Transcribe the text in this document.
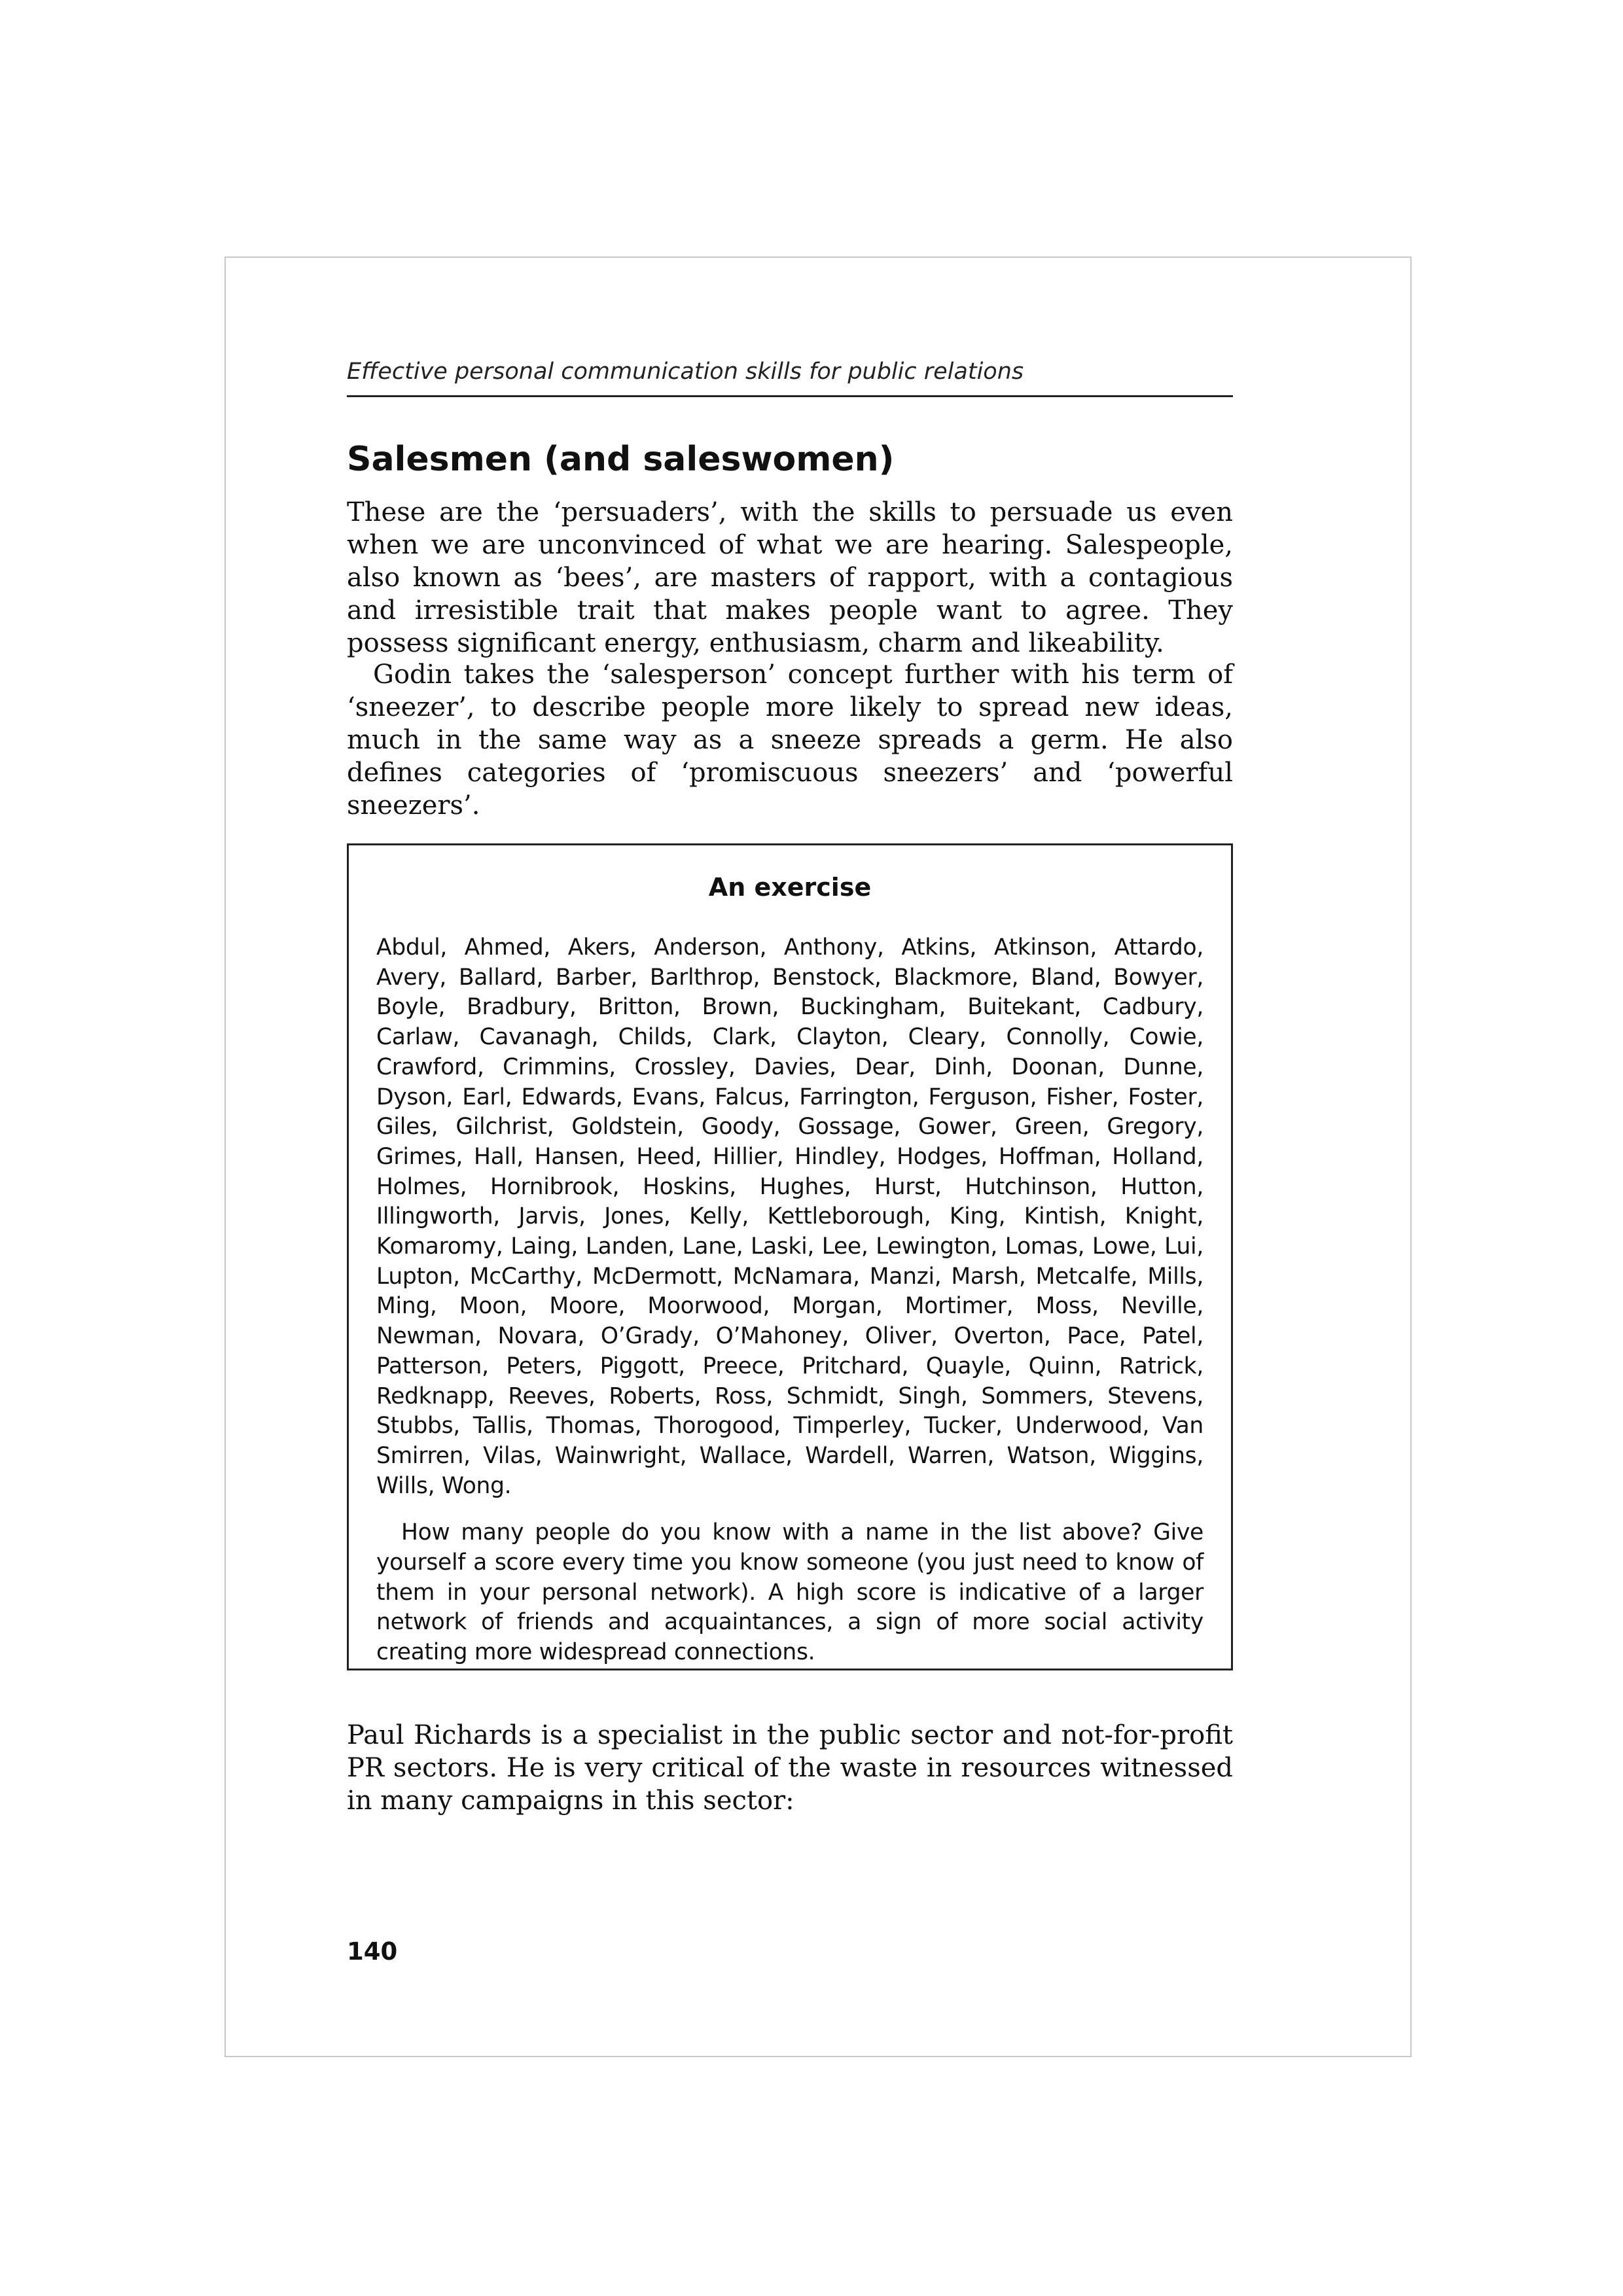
Effective personal communication skills for public relations
Salesmen (and saleswomen)

These are the ‘persuaders’, with the skills to persuade us even when we are unconvinced of what we are hearing. Salespeople, also known as ‘bees’, are masters of rapport, with a contagious and irresistible trait that makes people want to agree. They possess significant energy, enthusiasm, charm and likeability.

Godin takes the ‘salesperson’ concept further with his term of ‘sneezer’, to describe people more likely to spread new ideas, much in the same way as a sneeze spreads a germ. He also defines categories of ‘promiscuous sneezers’ and ‘powerful sneezers’.

An exercise

Abdul, Ahmed, Akers, Anderson, Anthony, Atkins, Atkinson, Attardo, Avery, Ballard, Barber, Barlthrop, Benstock, Blackmore, Bland, Bowyer, Boyle, Bradbury, Britton, Brown, Buckingham, Buitekant, Cadbury, Carlaw, Cavanagh, Childs, Clark, Clayton, Cleary, Connolly, Cowie, Crawford, Crimmins, Crossley, Davies, Dear, Dinh, Doonan, Dunne, Dyson, Earl, Edwards, Evans, Falcus, Farrington, Ferguson, Fisher, Foster, Giles, Gilchrist, Goldstein, Goody, Gossage, Gower, Green, Gregory, Grimes, Hall, Hansen, Heed, Hillier, Hindley, Hodges, Hoffman, Holland, Holmes, Hornibrook, Hoskins, Hughes, Hurst, Hutchinson, Hutton, Illingworth, Jarvis, Jones, Kelly, Kettleborough, King, Kintish, Knight, Komaromy, Laing, Landen, Lane, Laski, Lee, Lewington, Lomas, Lowe, Lui, Lupton, McCarthy, McDermott, McNamara, Manzi, Marsh, Metcalfe, Mills, Ming, Moon, Moore, Moorwood, Morgan, Mortimer, Moss, Neville, Newman, Novara, O’Grady, O’Mahoney, Oliver, Overton, Pace, Patel, Patterson, Peters, Piggott, Preece, Pritchard, Quayle, Quinn, Ratrick, Redknapp, Reeves, Roberts, Ross, Schmidt, Singh, Sommers, Stevens, Stubbs, Tallis, Thomas, Thorogood, Timperley, Tucker, Underwood, Van Smirren, Vilas, Wainwright, Wallace, Wardell, Warren, Watson, Wiggins, Wills, Wong.

How many people do you know with a name in the list above? Give yourself a score every time you know someone (you just need to know of them in your personal network). A high score is indicative of a larger network of friends and acquaintances, a sign of more social activity creating more widespread connections.

Paul Richards is a specialist in the public sector and not-for-profit PR sectors. He is very critical of the waste in resources witnessed in many campaigns in this sector:

140
